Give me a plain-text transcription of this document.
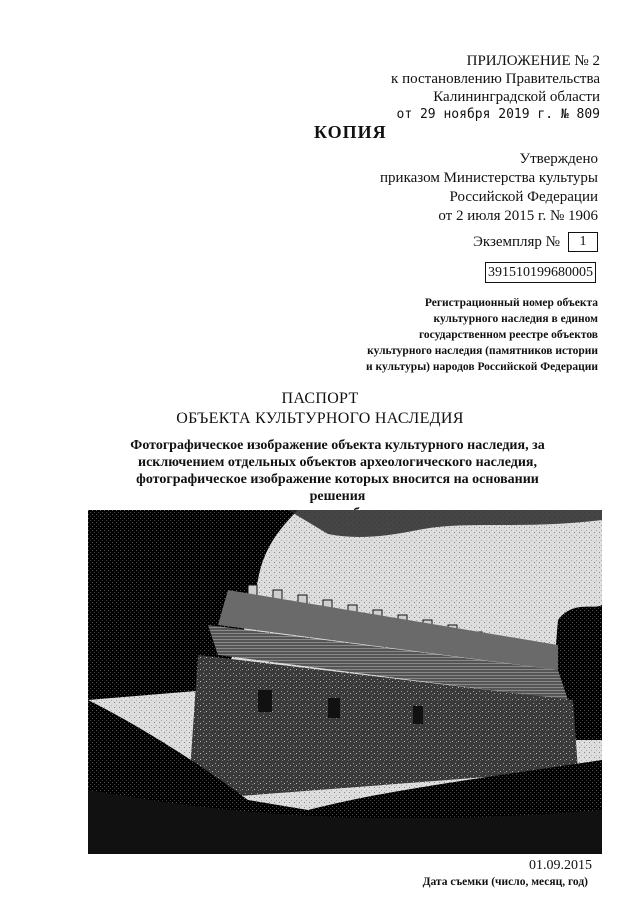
ПРИЛОЖЕНИЕ № 2
к постановлению Правительства
Калининградской области
от 29 ноября 2019 г. № 809
КОПИЯ
Утверждено
приказом Министерства культуры
Российской Федерации
от 2 июля 2015 г. № 1906
Экземпляр №	1
391510199680005
Регистрационный номер объекта
культурного наследия в едином
государственном реестре объектов
культурного наследия (памятников истории
и культуры) народов Российской Федерации
ПАСПОРТ
ОБЪЕКТА КУЛЬТУРНОГО НАСЛЕДИЯ
Фотографическое изображение объекта культурного наследия, за
исключением отдельных объектов археологического наследия,
фотографическое изображение которых вносится на основании решения
01.09.2015
Дата съемки (число, месяц, год)
